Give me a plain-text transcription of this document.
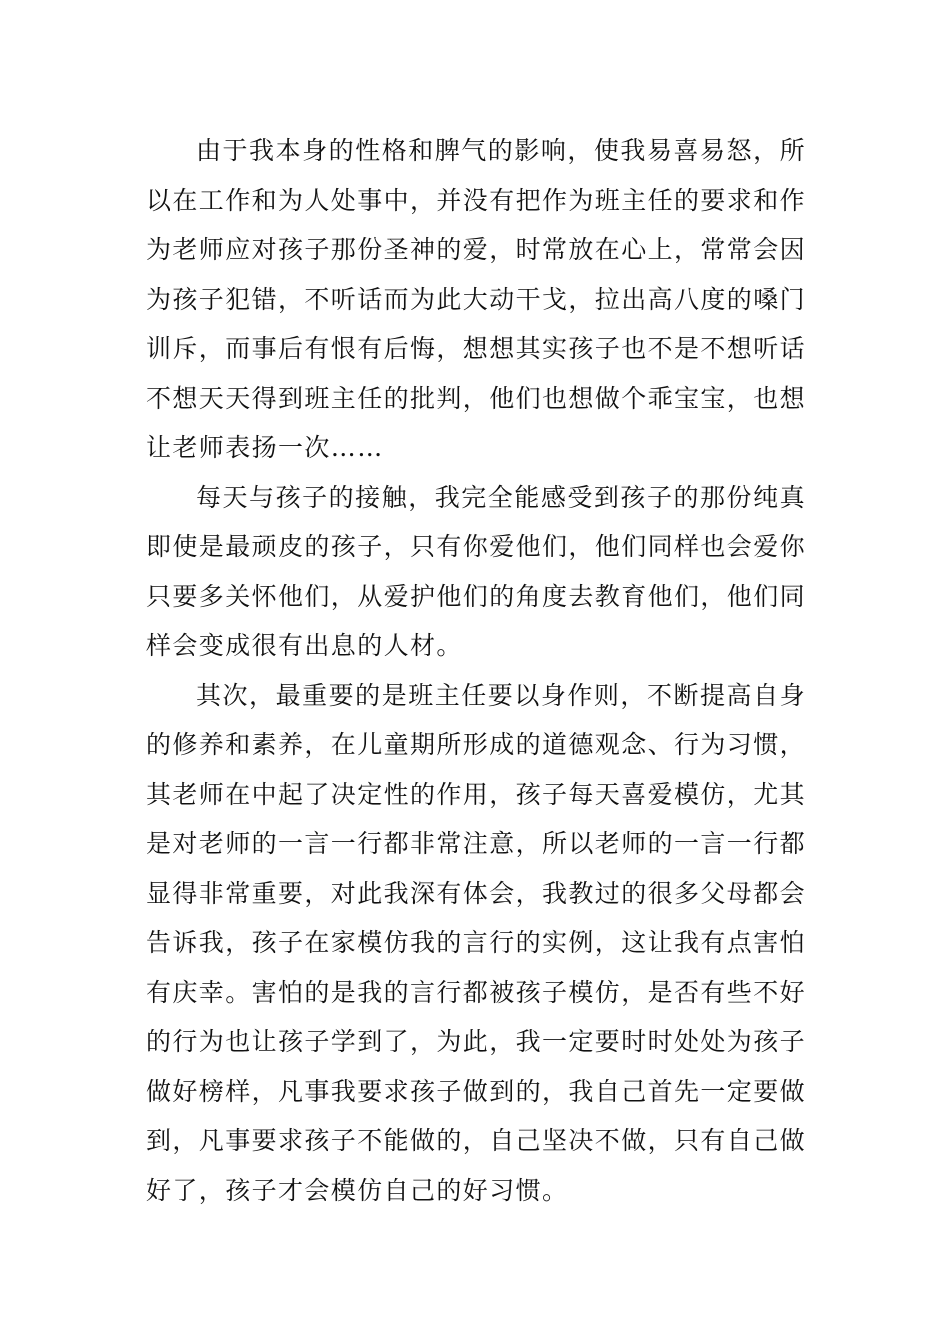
由于我本身的性格和脾气的影响，使我易喜易怒，所以在工作和为人处事中，并没有把作为班主任的要求和作为老师应对孩子那份圣神的爱，时常放在心上，常常会因为孩子犯错，不听话而为此大动干戈，拉出高八度的嗓门训斥，而事后有恨有后悔，想想其实孩子也不是不想听话不想天天得到班主任的批判，他们也想做个乖宝宝，也想让老师表扬一次……

每天与孩子的接触，我完全能感受到孩子的那份纯真即使是最顽皮的孩子，只有你爱他们，他们同样也会爱你只要多关怀他们，从爱护他们的角度去教育他们，他们同样会变成很有出息的人材。

其次，最重要的是班主任要以身作则，不断提高自身的修养和素养，在儿童期所形成的道德观念、行为习惯，其老师在中起了决定性的作用，孩子每天喜爱模仿，尤其是对老师的一言一行都非常注意，所以老师的一言一行都显得非常重要，对此我深有体会，我教过的很多父母都会告诉我，孩子在家模仿我的言行的实例，这让我有点害怕有庆幸。害怕的是我的言行都被孩子模仿，是否有些不好的行为也让孩子学到了，为此，我一定要时时处处为孩子做好榜样，凡事我要求孩子做到的，我自己首先一定要做到，凡事要求孩子不能做的，自己坚决不做，只有自己做好了，孩子才会模仿自己的好习惯。
